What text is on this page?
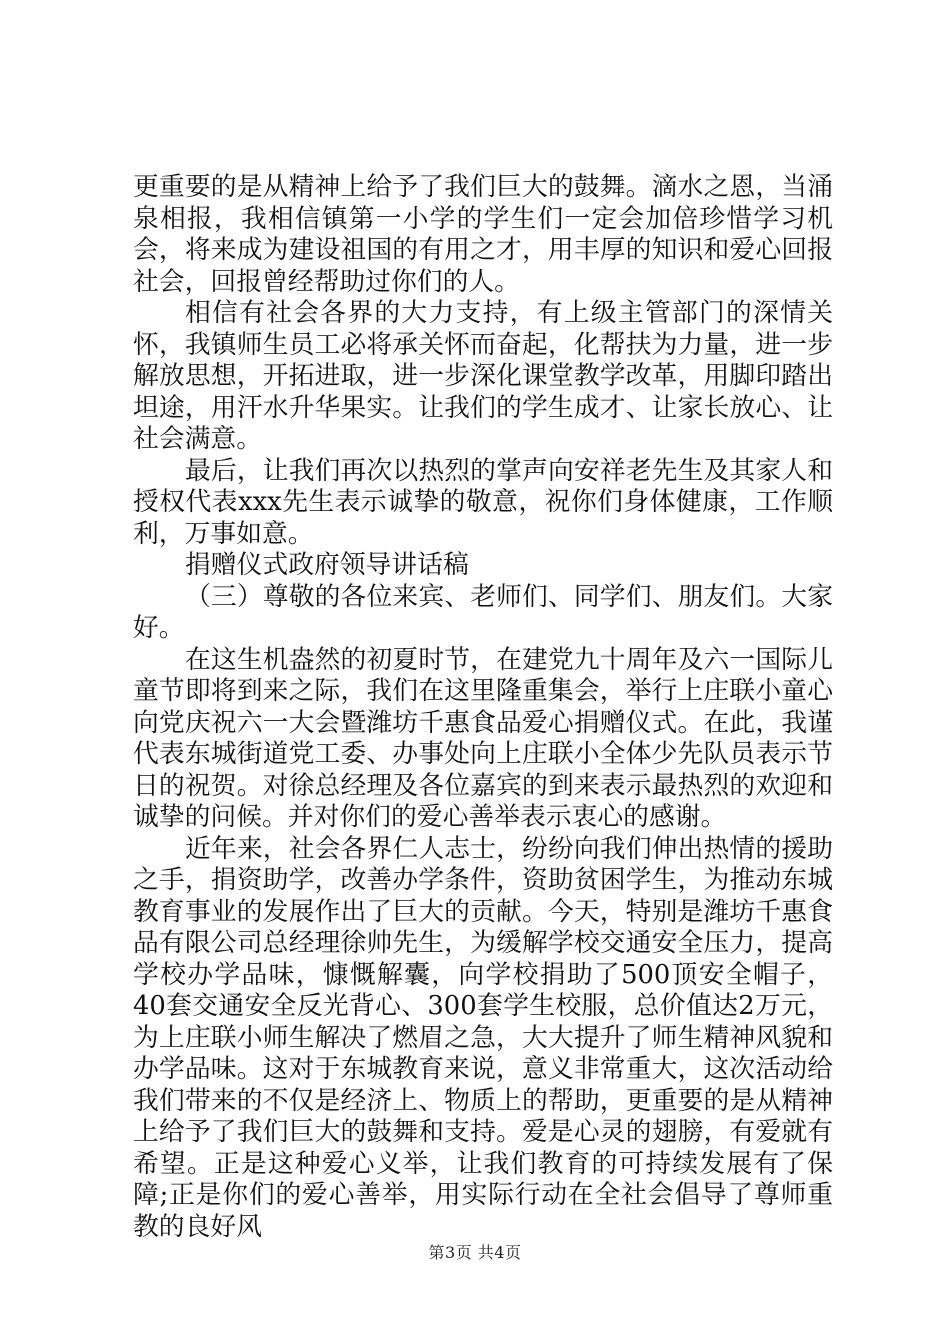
更重要的是从精神上给予了我们巨大的鼓舞。滴水之恩，当涌泉相报，我相信镇第一小学的学生们一定会加倍珍惜学习机会，将来成为建设祖国的有用之才，用丰厚的知识和爱心回报社会，回报曾经帮助过你们的人。

相信有社会各界的大力支持，有上级主管部门的深情关怀，我镇师生员工必将承关怀而奋起，化帮扶为力量，进一步解放思想，开拓进取，进一步深化课堂教学改革，用脚印踏出坦途，用汗水升华果实。让我们的学生成才、让家长放心、让社会满意。

最后，让我们再次以热烈的掌声向安祥老先生及其家人和授权代表xxx先生表示诚挚的敬意，祝你们身体健康，工作顺利，万事如意。

捐赠仪式政府领导讲话稿

（三）尊敬的各位来宾、老师们、同学们、朋友们。大家好。

在这生机盎然的初夏时节，在建党九十周年及六一国际儿童节即将到来之际，我们在这里隆重集会，举行上庄联小童心向党庆祝六一大会暨潍坊千惠食品爱心捐赠仪式。在此，我谨代表东城街道党工委、办事处向上庄联小全体少先队员表示节日的祝贺。对徐总经理及各位嘉宾的到来表示最热烈的欢迎和诚挚的问候。并对你们的爱心善举表示衷心的感谢。

近年来，社会各界仁人志士，纷纷向我们伸出热情的援助之手，捐资助学，改善办学条件，资助贫困学生，为推动东城教育事业的发展作出了巨大的贡献。今天，特别是潍坊千惠食品有限公司总经理徐帅先生，为缓解学校交通安全压力，提高学校办学品味，慷慨解囊，向学校捐助了500顶安全帽子，40套交通安全反光背心、300套学生校服，总价值达2万元，为上庄联小师生解决了燃眉之急，大大提升了师生精神风貌和办学品味。这对于东城教育来说，意义非常重大，这次活动给我们带来的不仅是经济上、物质上的帮助，更重要的是从精神上给予了我们巨大的鼓舞和支持。爱是心灵的翅膀，有爱就有希望。正是这种爱心义举，让我们教育的可持续发展有了保障;正是你们的爱心善举，用实际行动在全社会倡导了尊师重教的良好风

第3页 共4页
